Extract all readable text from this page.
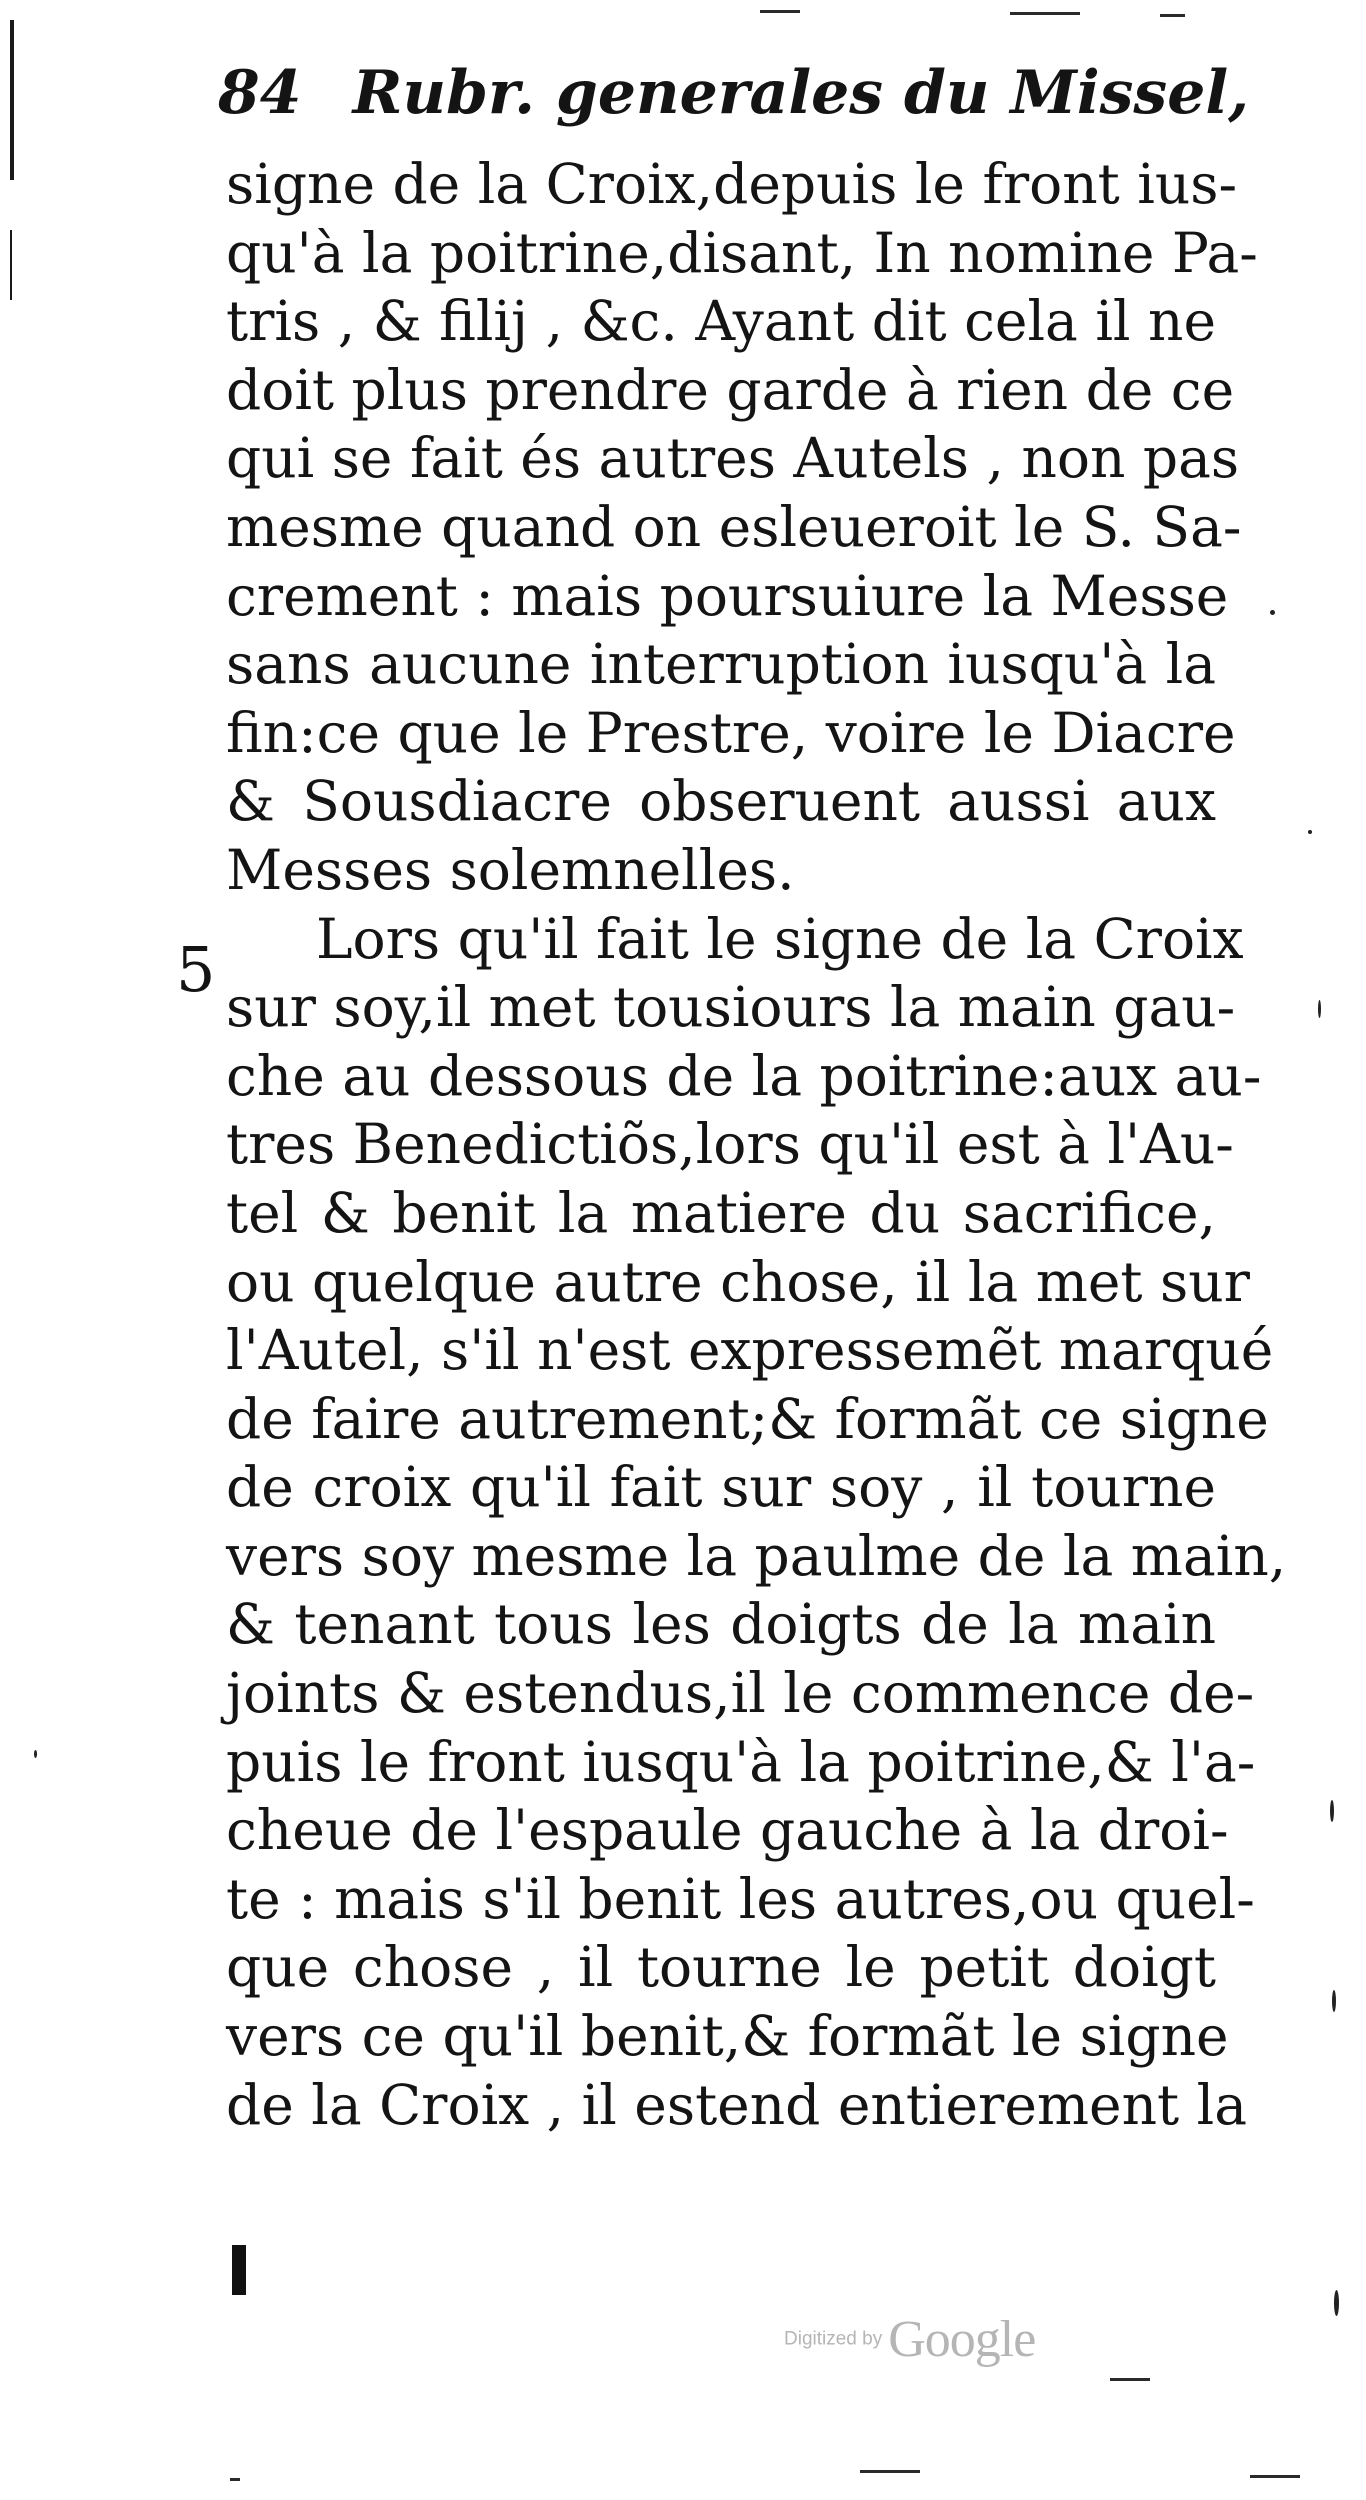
84 Rubr. generales du Missel,
signe de la Croix,depuis le front ius-
qu'à la poitrine,disant, In nomine Pa-
tris , & filij , &c. Ayant dit cela il ne
doit plus prendre garde à rien de ce
qui se fait és autres Autels , non pas
mesme quand on esleueroit le S. Sa-
crement : mais poursuiure la Messe
sans aucune interruption iusqu'à la
fin:ce que le Prestre, voire le Diacre
& Sousdiacre obseruent aussi aux
Messes solemnelles.
Lors qu'il fait le signe de la Croix
sur soy,il met tousiours la main gau-
che au dessous de la poitrine:aux au-
tres Benedictiõs,lors qu'il est à l'Au-
tel & benit la matiere du sacrifice,
ou quelque autre chose, il la met sur
l'Autel, s'il n'est expressemẽt marqué
de faire autrement;& formãt ce signe
de croix qu'il fait sur soy , il tourne
vers soy mesme la paulme de la main,
& tenant tous les doigts de la main
joints & estendus,il le commence de-
puis le front iusqu'à la poitrine,& l'a-
cheue de l'espaule gauche à la droi-
te : mais s'il benit les autres,ou quel-
que chose , il tourne le petit doigt
vers ce qu'il benit,& formãt le signe
de la Croix , il estend entierement la
5
Digitized by Google
